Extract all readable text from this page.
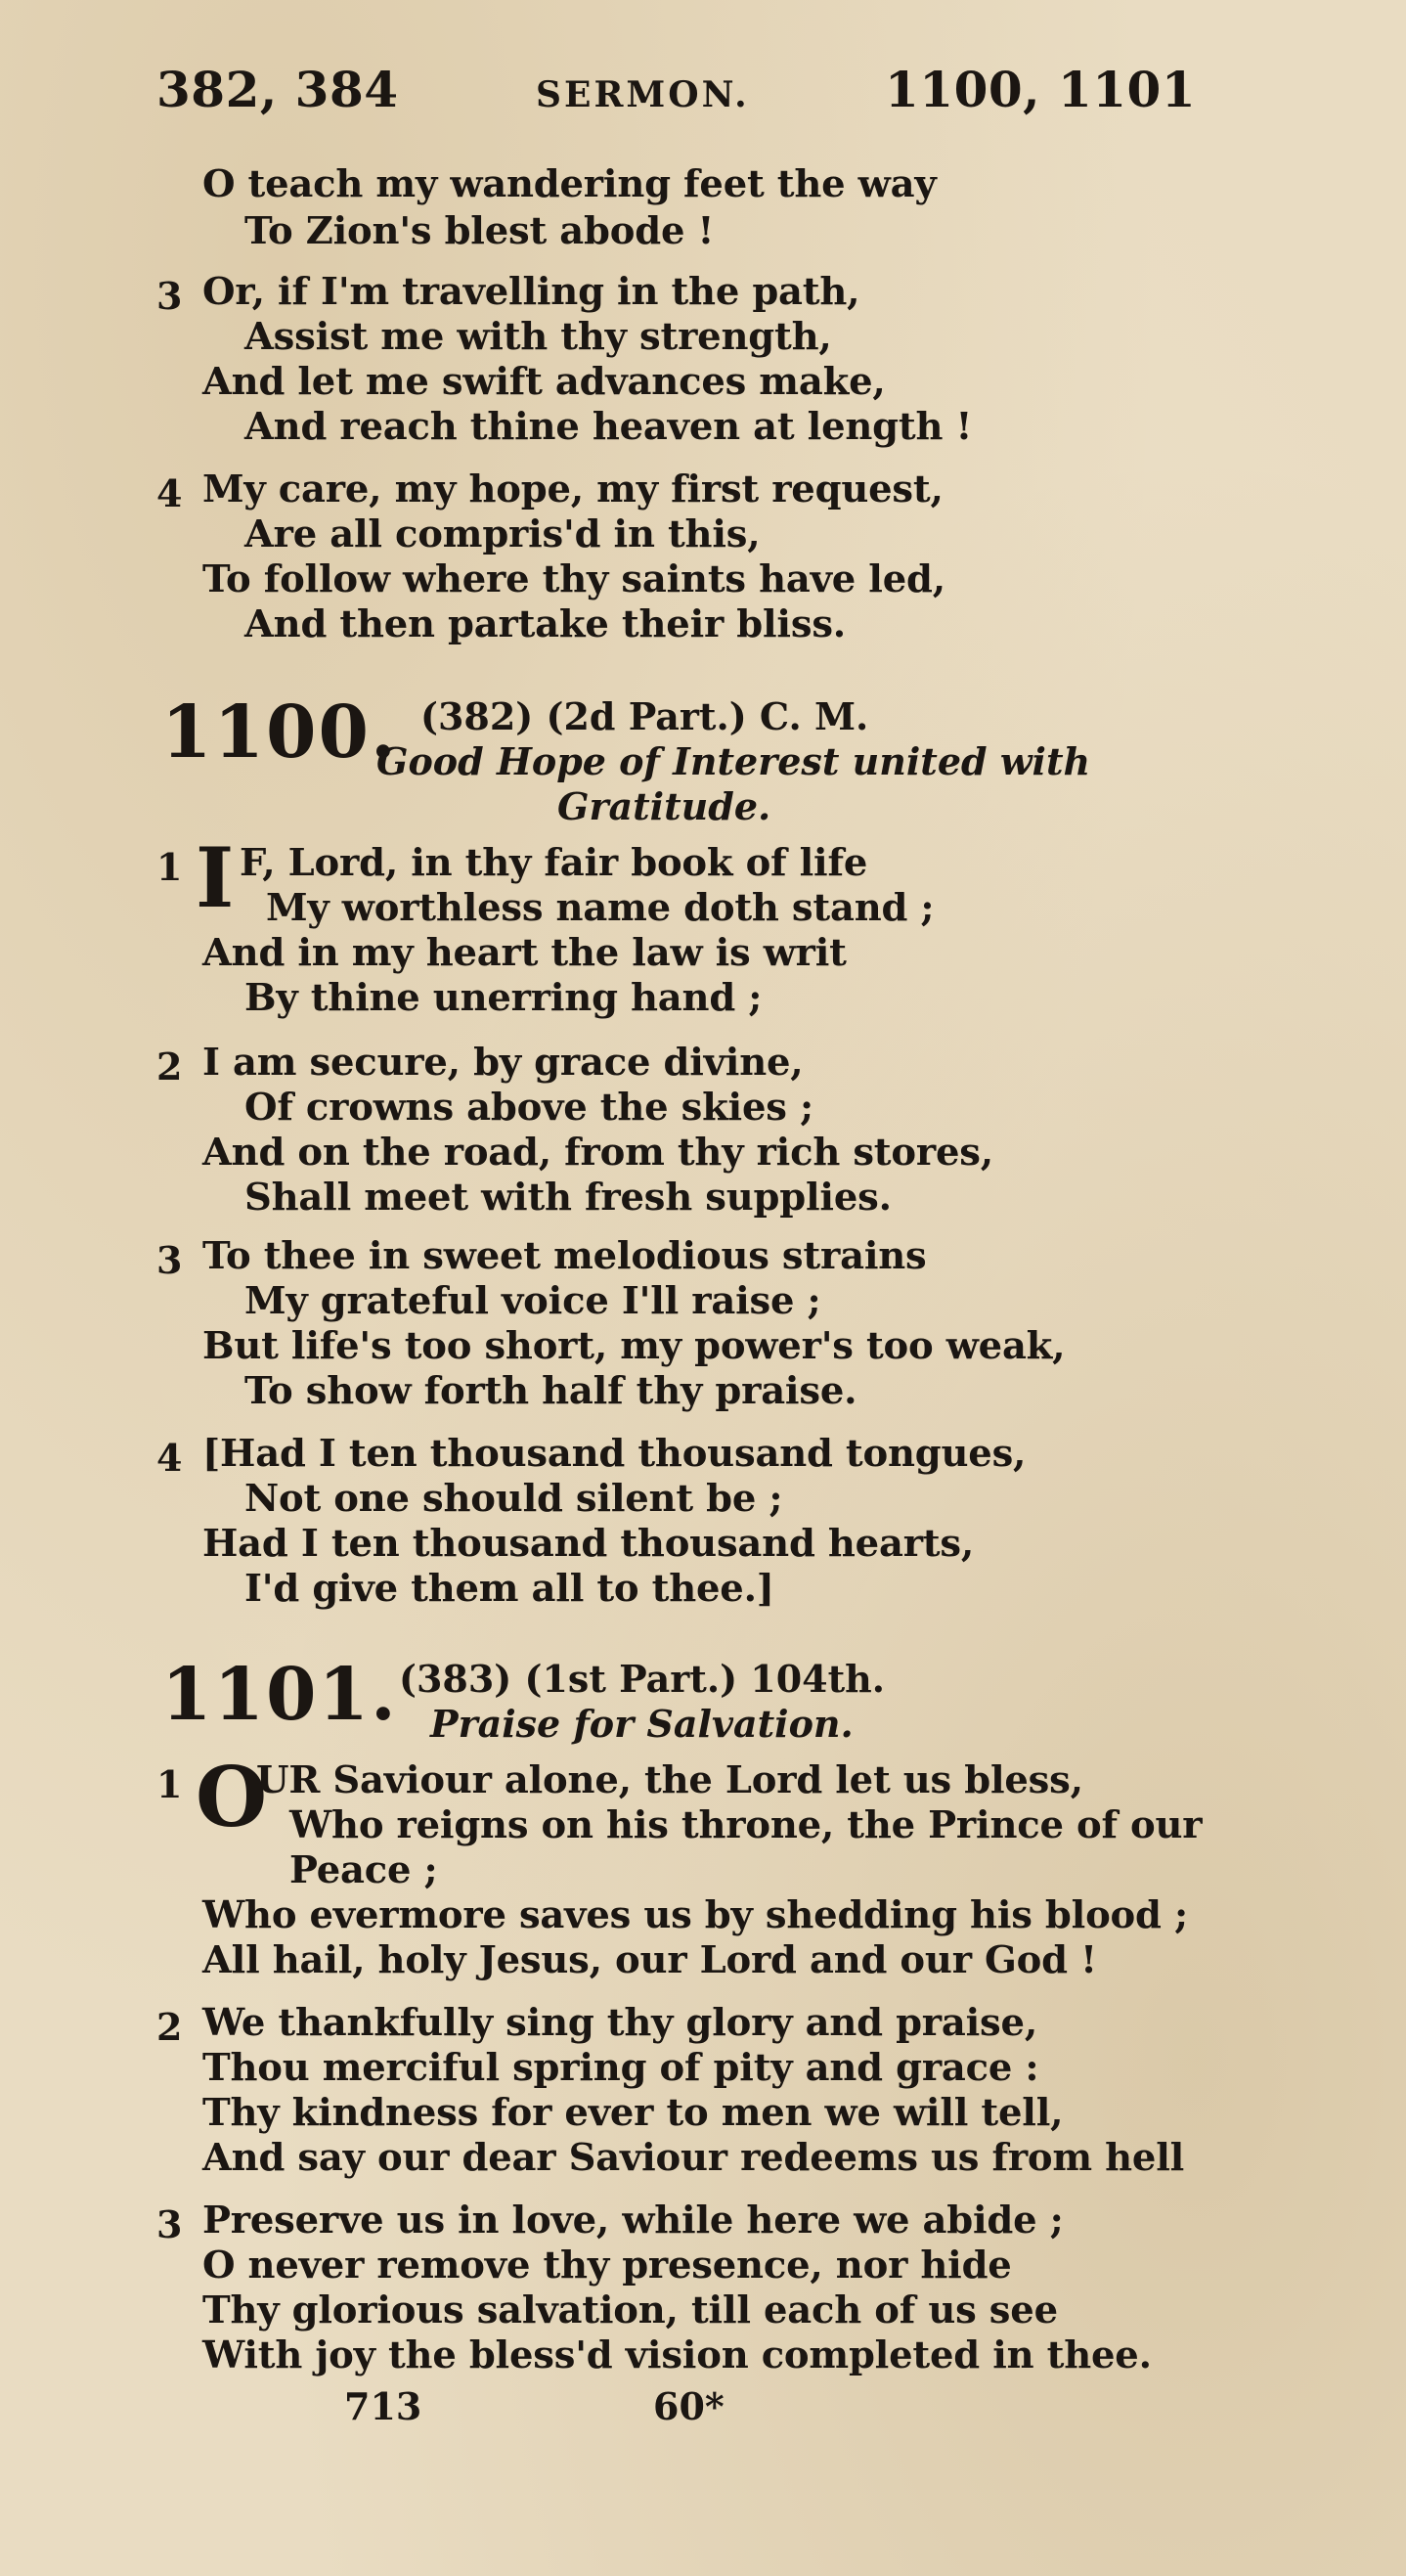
382, 384	SERMON.	1100, 1101
O teach my wandering feet the way
To Zion's blest abode !
3 Or, if I'm travelling in the path,
Assist me with thy strength,
And let me swift advances make,
And reach thine heaven at length !
4 My care, my hope, my first request,
Are all compris'd in this,
To follow where thy saints have led,
And then partake their bliss.
1100. (382) (2d Part.) C. M.
Good Hope of Interest united with
Gratitude.
1 I F, Lord, in thy fair book of life
My worthless name doth stand ;
And in my heart the law is writ
By thine unerring hand ;
2 I am secure, by grace divine,
Of crowns above the skies ;
And on the road, from thy rich stores,
Shall meet with fresh supplies.
3 To thee in sweet melodious strains
My grateful voice I'll raise ;
But life's too short, my power's too weak,
To show forth half thy praise.
4 [Had I ten thousand thousand tongues,
Not one should silent be ;
Had I ten thousand thousand hearts,
I'd give them all to thee.]
1101. (383) (1st Part.) 104th.
Praise for Salvation.
1 O
UR Saviour alone, the Lord let us bless,
Who reigns on his throne, the Prince of our
Peace ;
Who evermore saves us by shedding his blood ;
All hail, holy Jesus, our Lord and our God !
2 We thankfully sing thy glory and praise,
Thou merciful spring of pity and grace :
Thy kindness for ever to men we will tell,
And say our dear Saviour redeems us from hell
3 Preserve us in love, while here we abide ;
O never remove thy presence, nor hide
Thy glorious salvation, till each of us see
With joy the bless'd vision completed in thee.
713	60*
